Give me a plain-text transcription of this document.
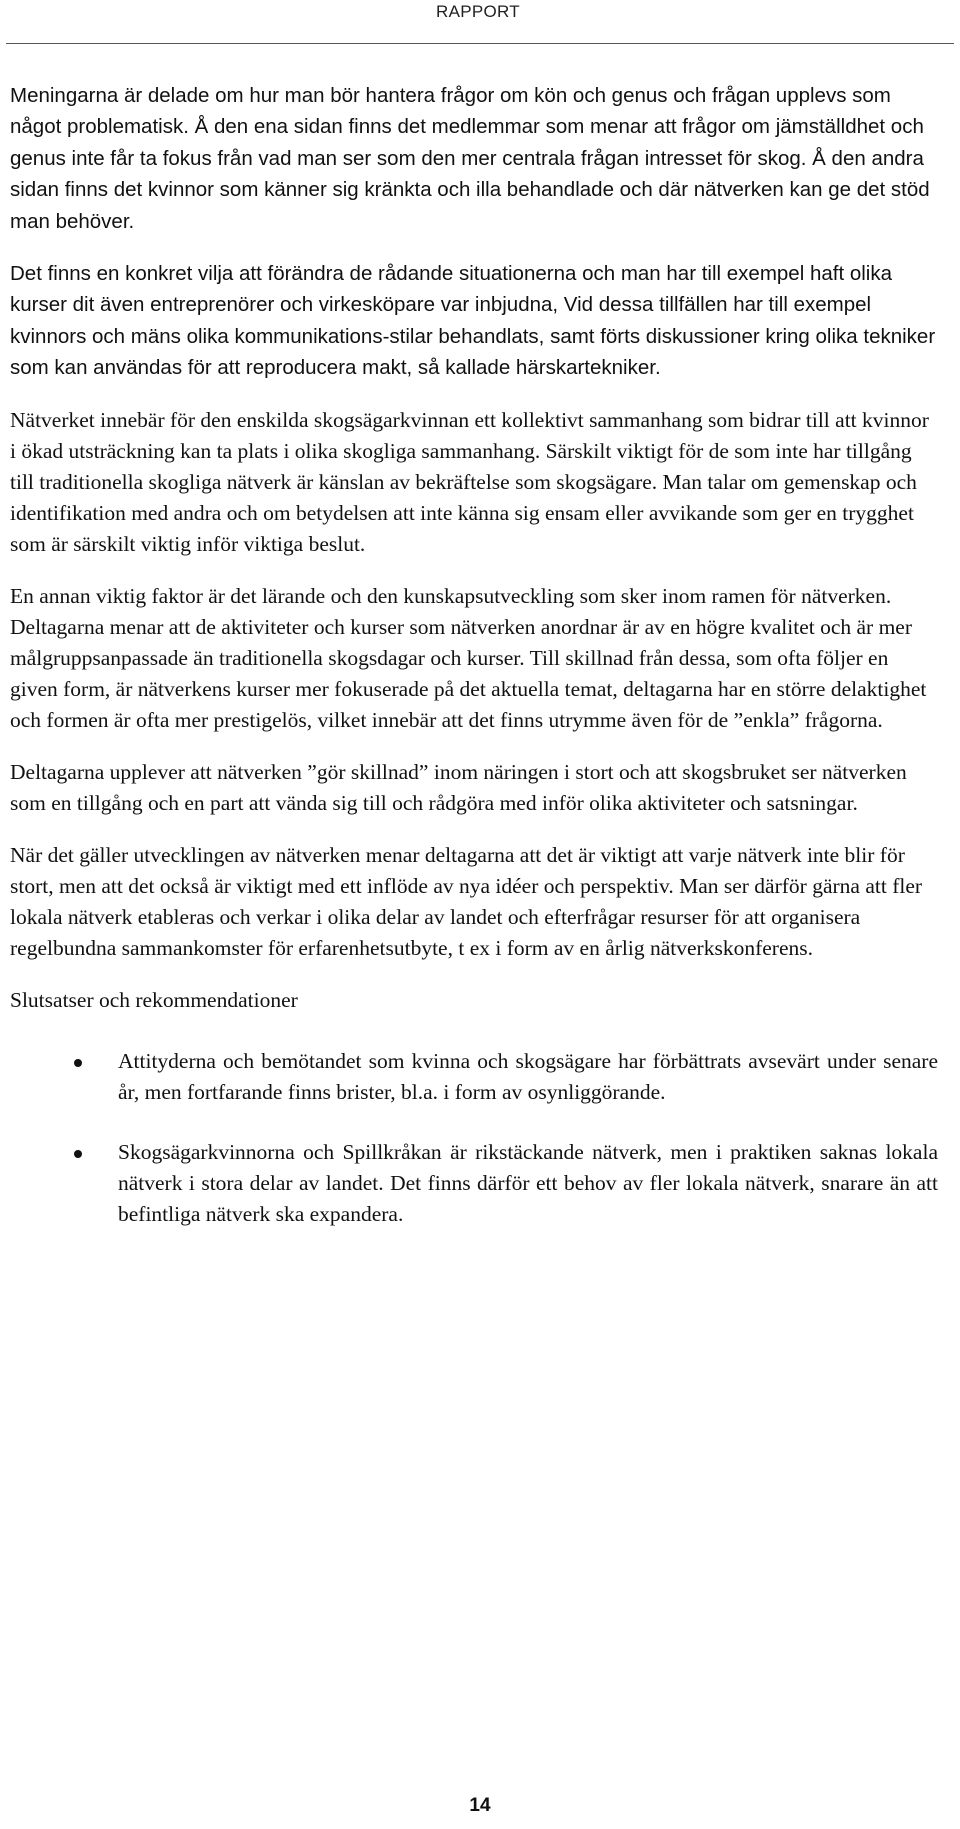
RAPPORT

Meningarna är delade om hur man bör hantera frågor om kön och genus och frågan upplevs som något problematisk. Å den ena sidan finns det medlemmar som menar att frågor om jämställdhet och genus inte får ta fokus från vad man ser som den mer centrala frågan intresset för skog. Å den andra sidan finns det kvinnor som känner sig kränkta och illa behandlade och där nätverken kan ge det stöd man behöver.

Det finns en konkret vilja att förändra de rådande situationerna och man har till exempel haft olika kurser dit även entreprenörer och virkesköpare var inbjudna, Vid dessa tillfällen har till exempel kvinnors och mäns olika kommunikations-stilar behandlats, samt förts diskussioner kring olika tekniker som kan användas för att reproducera makt, så kallade härskartekniker.

Nätverket innebär för den enskilda skogsägarkvinnan ett kollektivt sammanhang som bidrar till att kvinnor i ökad utsträckning kan ta plats i olika skogliga sammanhang. Särskilt viktigt för de som inte har tillgång till traditionella skogliga nätverk är känslan av bekräftelse som skogsägare. Man talar om gemenskap och identifikation med andra och om betydelsen att inte känna sig ensam eller avvikande som ger en trygghet som är särskilt viktig inför viktiga beslut.

En annan viktig faktor är det lärande och den kunskapsutveckling som sker inom ramen för nätverken. Deltagarna menar att de aktiviteter och kurser som nätverken anordnar är av en högre kvalitet och är mer målgruppsanpassade än traditionella skogsdagar och kurser. Till skillnad från dessa, som ofta följer en given form, är nätverkens kurser mer fokuserade på det aktuella temat, deltagarna har en större delaktighet och formen är ofta mer prestigelös, vilket innebär att det finns utrymme även för de ”enkla” frågorna.

Deltagarna upplever att nätverken ”gör skillnad” inom näringen i stort och att skogsbruket ser nätverken som en tillgång och en part att vända sig till och rådgöra med inför olika aktiviteter och satsningar.

När det gäller utvecklingen av nätverken menar deltagarna att det är viktigt att varje nätverk inte blir för stort, men att det också är viktigt med ett inflöde av nya idéer och perspektiv. Man ser därför gärna att fler lokala nätverk etableras och verkar i olika delar av landet och efterfrågar resurser för att organisera regelbundna sammankomster för erfarenhetsutbyte, t ex i form av en årlig nätverkskonferens.

Slutsatser och rekommendationer

Attityderna och bemötandet som kvinna och skogsägare har förbättrats avsevärt under senare år, men fortfarande finns brister, bl.a. i form av osynliggörande.
Skogsägarkvinnorna och Spillkråkan är rikstäckande nätverk, men i praktiken saknas lokala nätverk i stora delar av landet. Det finns därför ett behov av fler lokala nätverk, snarare än att befintliga nätverk ska expandera.
14
